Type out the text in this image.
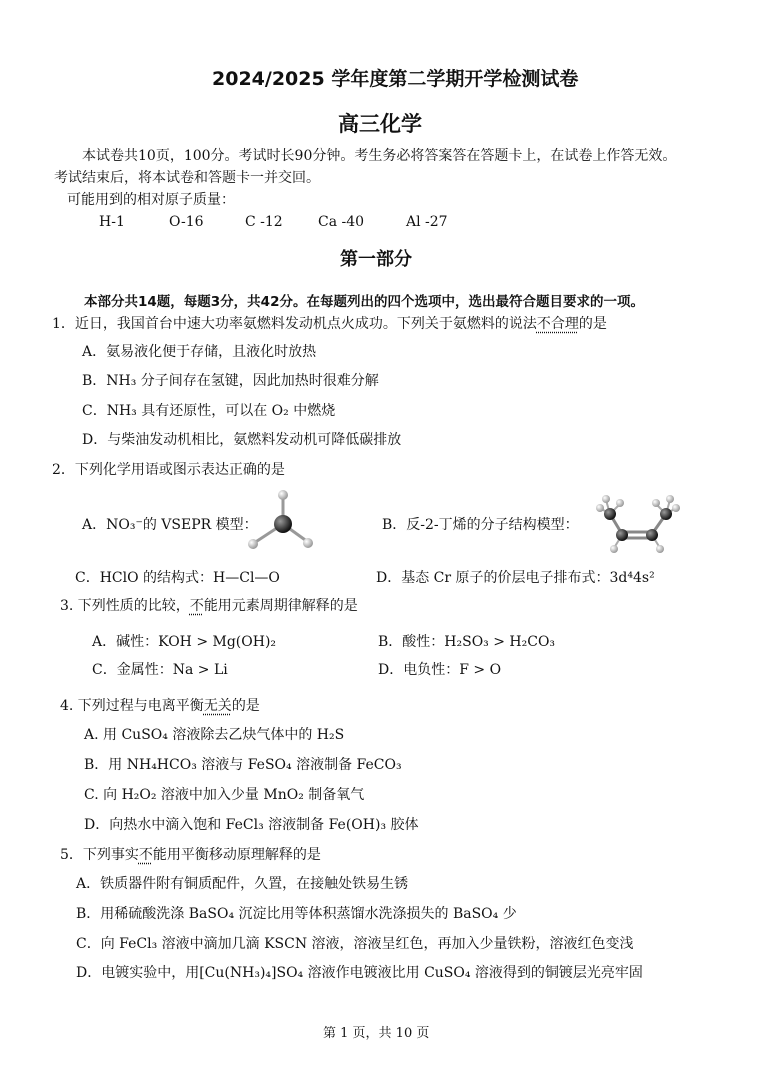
2024/2025 学年度第二学期开学检测试卷
高三化学
本试卷共10页，100分。考试时长90分钟。考生务必将答案答在答题卡上，在试卷上作答无效。
考试结束后，将本试卷和答题卡一并交回。
可能用到的相对原子质量：
H-1	O-16	C -12	Ca -40	Al -27
第一部分
本部分共14题，每题3分，共42分。在每题列出的四个选项中，选出最符合题目要求的一项。
1．近日，我国首台中速大功率氨燃料发动机点火成功。下列关于氨燃料的说法不合理的是
A．氨易液化便于存储，且液化时放热
B．NH₃ 分子间存在氢键，因此加热时很难分解
C．NH₃ 具有还原性，可以在 O₂ 中燃烧
D．与柴油发动机相比，氨燃料发动机可降低碳排放
2．下列化学用语或图示表达正确的是
A．NO₃⁻的 VSEPR 模型：	B．反-2-丁烯的分子结构模型：
C．HClO 的结构式：H—Cl—O	D．基态 Cr 原子的价层电子排布式：3d⁴4s²
3. 下列性质的比较，不能用元素周期律解释的是
A．碱性：KOH > Mg(OH)₂	B．酸性：H₂SO₃ > H₂CO₃
C．金属性：Na > Li	D．电负性：F > O
4. 下列过程与电离平衡无关的是
A. 用 CuSO₄ 溶液除去乙炔气体中的 H₂S
B．用 NH₄HCO₃ 溶液与 FeSO₄ 溶液制备 FeCO₃
C. 向 H₂O₂ 溶液中加入少量 MnO₂ 制备氧气
D．向热水中滴入饱和 FeCl₃ 溶液制备 Fe(OH)₃ 胶体
5．下列事实不能用平衡移动原理解释的是
A．铁质器件附有铜质配件，久置，在接触处铁易生锈
B．用稀硫酸洗涤 BaSO₄ 沉淀比用等体积蒸馏水洗涤损失的 BaSO₄ 少
C．向 FeCl₃ 溶液中滴加几滴 KSCN 溶液，溶液呈红色，再加入少量铁粉，溶液红色变浅
D．电镀实验中，用[Cu(NH₃)₄]SO₄ 溶液作电镀液比用 CuSO₄ 溶液得到的铜镀层光亮牢固
第 1 页，共 10 页
